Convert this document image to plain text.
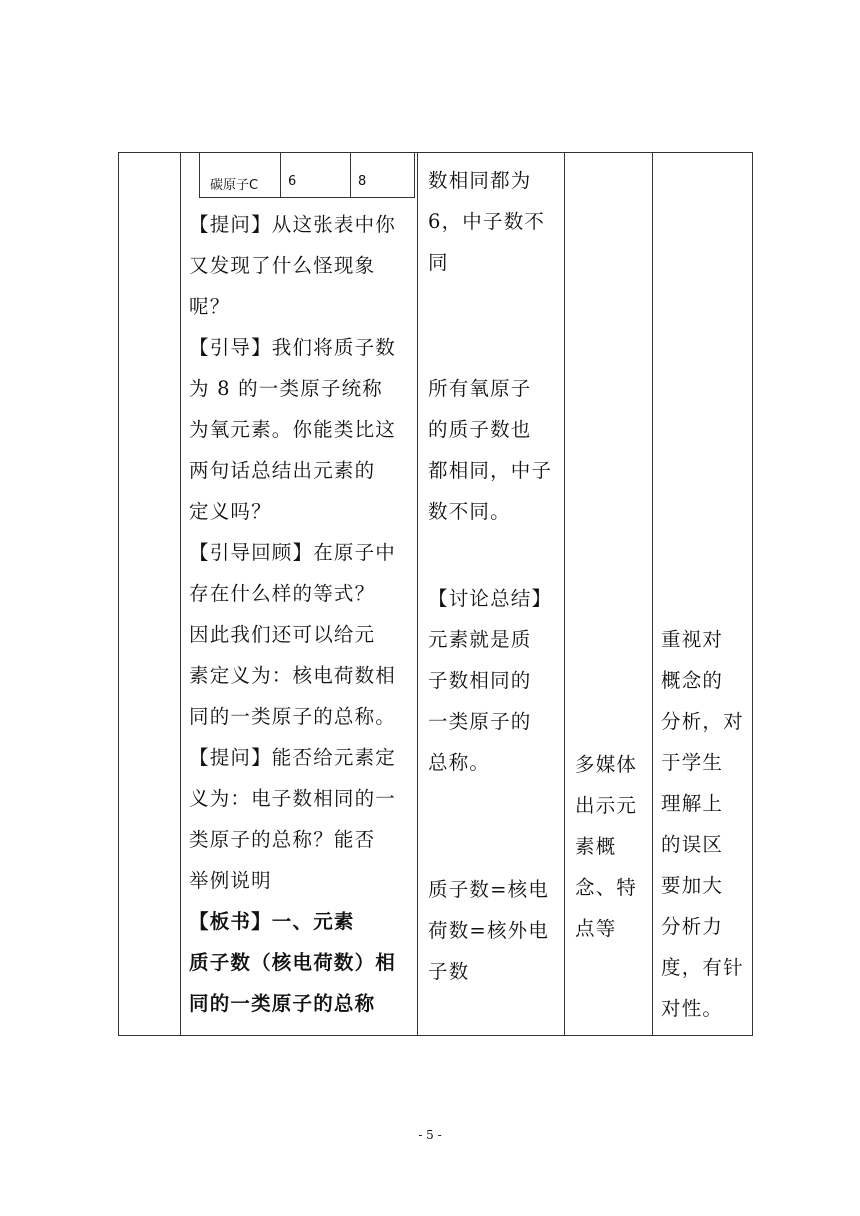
碳原子C 6	8
【提问】从这张表中你
又发现了什么怪现象
呢？
【引导】我们将质子数
为 8 的一类原子统称
为氧元素。你能类比这
两句话总结出元素的
定义吗？
【引导回顾】在原子中
存在什么样的等式？
因此我们还可以给元
素定义为：核电荷数相
同的一类原子的总称。
【提问】能否给元素定
义为：电子数相同的一
类原子的总称？能否
举例说明
【板书】一、元素
质子数（核电荷数）相
同的一类原子的总称
数相同都为
6，中子数不
同
所有氧原子
的质子数也
都相同，中子
数不同。
【讨论总结】
元素就是质
子数相同的
一类原子的
总称。
质子数=核电
荷数=核外电
子数
多媒体
出示元
素概
念、特
点等
重视对
概念的
分析，对
于学生
理解上
的误区
要加大
分析力
度，有针
对性。
- 5 -
